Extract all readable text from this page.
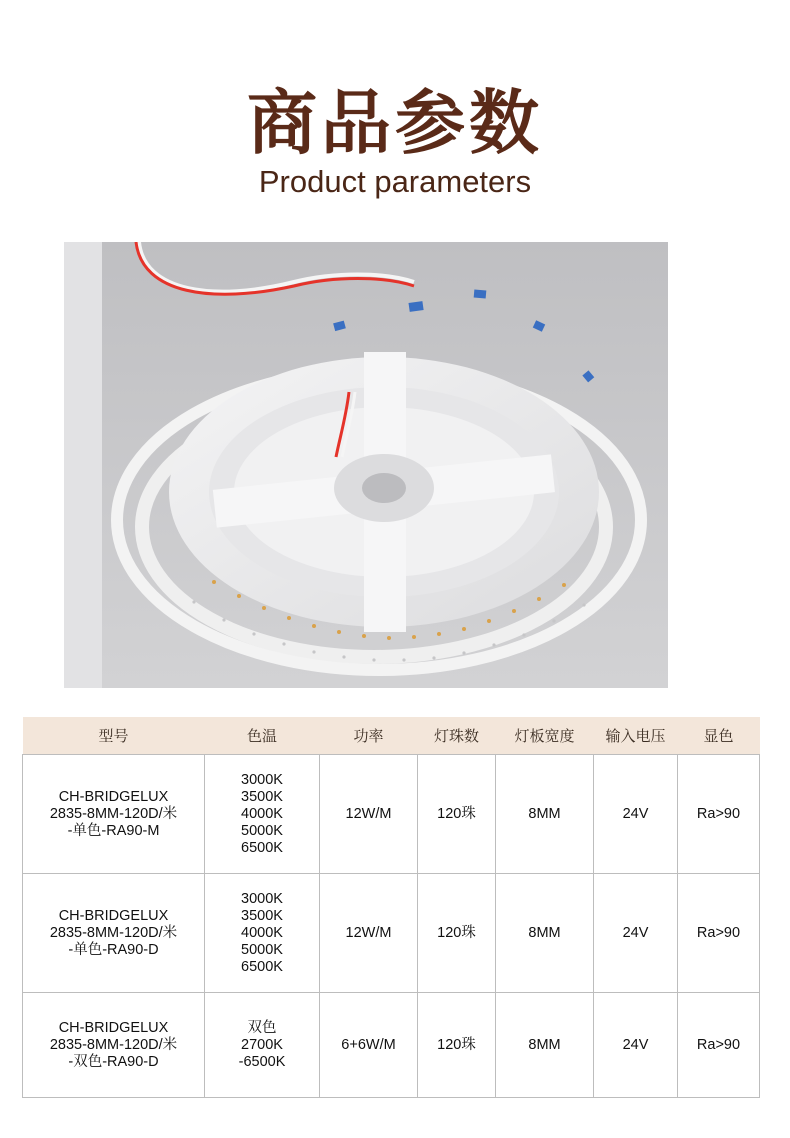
商品参数
Product parameters
型号	色温	功率	灯珠数	灯板宽度	输入电压	显色
CH-BRIDGELUX
2835-8MM-120D/米
-单色-RA90-M	3000K
3500K
4000K
5000K
6500K	12W/M	120珠	8MM	24V	Ra>90
CH-BRIDGELUX
2835-8MM-120D/米
-单色-RA90-D	3000K
3500K
4000K
5000K
6500K	12W/M	120珠	8MM	24V	Ra>90
CH-BRIDGELUX
2835-8MM-120D/米
-双色-RA90-D	双色
2700K
-6500K	6+6W/M	120珠	8MM	24V	Ra>90
